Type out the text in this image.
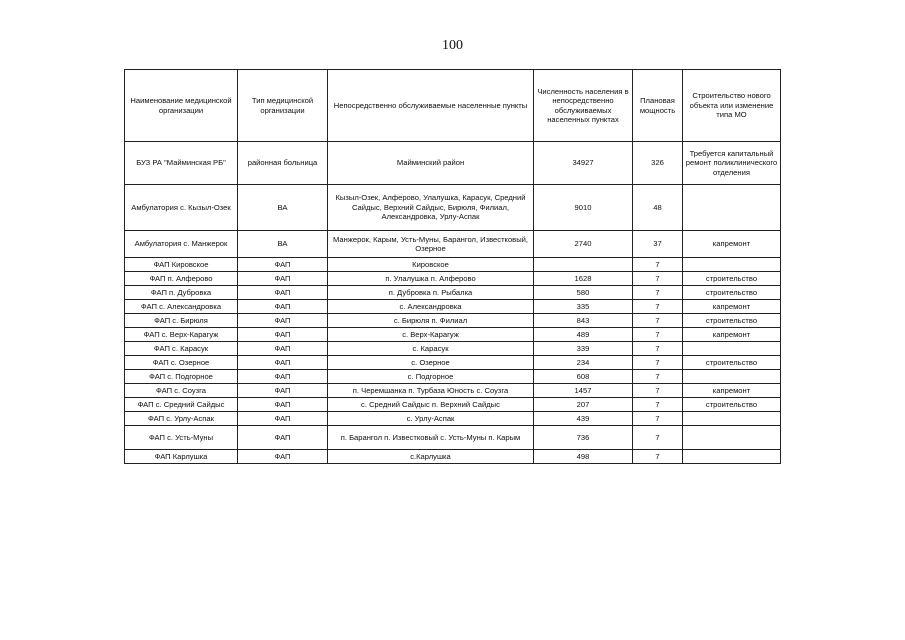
100
Наименование медицинской организации	Тип медицинской организации	Непосредственно обслуживаемые населенные пункты	Численность населения в непосредственно обслуживаемых населенных пунктах	Плановая мощность	Строительство нового объекта или изменение типа МО
БУЗ РА "Майминская РБ"	районная больница	Майминский район	34927	326	Требуется капитальный ремонт поликлинического отделения
Амбулатория с. Кызыл-Озек	ВА	Кызыл-Озек, Алферово, Улалушка, Карасук, Средний Сайдыс, Верхний Сайдыс, Бирюля, Филиал, Александровка, Урлу-Аспак	9010	48	
Амбулатория с. Манжерок	ВА	Манжерок, Карым, Усть-Муны, Барангол, Известковый, Озерное	2740	37	капремонт
ФАП Кировское	ФАП	Кировское		7	
ФАП п. Алферово	ФАП	п. Улалушка п. Алферово	1628	7	строительство
ФАП п. Дубровка	ФАП	п. Дубровка п. Рыбалка	580	7	строительство
ФАП с. Александровка	ФАП	с. Александровка	335	7	капремонт
ФАП с. Бирюля	ФАП	с. Бирюля п. Филиал	843	7	строительство
ФАП с. Верх-Карагуж	ФАП	с. Верх-Карагуж	489	7	капремонт
ФАП с. Карасук	ФАП	с. Карасук	339	7	
ФАП с. Озерное	ФАП	с. Озерное	234	7	строительство
ФАП с. Подгорное	ФАП	с. Подгорное	608	7	
ФАП с. Соузга	ФАП	п. Черемшанка п. Турбаза Юность с. Соузга	1457	7	капремонт
ФАП с. Средний Сайдыс	ФАП	с. Средний Сайдыс п. Верхний Сайдыс	207	7	строительство
ФАП с. Урлу-Аспак	ФАП	с. Урлу-Аспак	439	7	
ФАП с. Усть-Муны	ФАП	п. Барангол п. Известковый с. Усть-Муны п. Карым	736	7	
ФАП Карлушка	ФАП	с.Карлушка	498	7	
